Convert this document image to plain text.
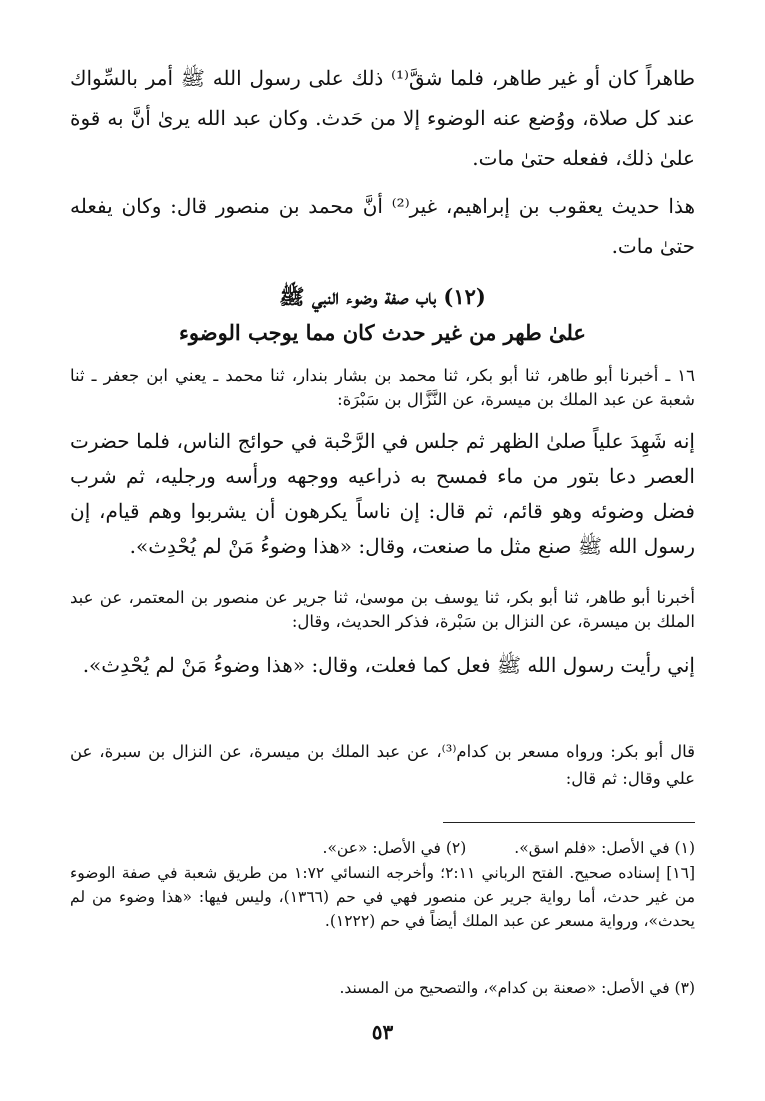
طاهراً كان أو غير طاهر، فلما شقَّ⁽¹⁾ ذلك على رسول الله ﷺ أمر بالسِّواك عند كل صلاة، ووُضع عنه الوضوء إلا من حَدث. وكان عبد الله يرىٰ أنَّ به قوة علىٰ ذلك، ففعله حتىٰ مات.

هذا حديث يعقوب بن إبراهيم، غير⁽²⁾ أنَّ محمد بن منصور قال: وكان يفعله حتىٰ مات.

(١٢) باب صفة وضوء النبي ﷺ
علىٰ طهر من غير حدث كان مما يوجب الوضوء

١٦ ـ أخبرنا أبو طاهر، ثنا أبو بكر، ثنا محمد بن بشار بندار، ثنا محمد ـ يعني ابن جعفر ـ ثنا شعبة عن عبد الملك بن ميسرة، عن النَّزَّال بن سَبْرَة:

إنه شَهِدَ علياً صلىٰ الظهر ثم جلس في الرَّحْبة في حوائج الناس، فلما حضرت العصر دعا بتور من ماء فمسح به ذراعيه ووجهه ورأسه ورجليه، ثم شرب فضل وضوئه وهو قائم، ثم قال: إن ناساً يكرهون أن يشربوا وهم قيام، إن رسول الله ﷺ صنع مثل ما صنعت، وقال: «هذا وضوءُ مَنْ لم يُحْدِث».

أخبرنا أبو طاهر، ثنا أبو بكر، ثنا يوسف بن موسىٰ، ثنا جرير عن منصور بن المعتمر، عن عبد الملك بن ميسرة، عن النزال بن سَبْرة، فذكر الحديث، وقال:

إني رأيت رسول الله ﷺ فعل كما فعلت، وقال: «هذا وضوءُ مَنْ لم يُحْدِث».

قال أبو بكر: ورواه مسعر بن كدام⁽³⁾، عن عبد الملك بن ميسرة، عن النزال بن سبرة، عن علي وقال: ثم قال:

(١) في الأصل: «فلم اسق».(٢) في الأصل: «عن».

[١٦] إسناده صحيح. الفتح الرباني ٢:١١؛ وأخرجه النسائي ١:٧٢ من طريق شعبة في صفة الوضوء من غير حدث، أما رواية جرير عن منصور فهي في حم (١٣٦٦)، وليس فيها: «هذا وضوء من لم يحدث»، ورواية مسعر عن عبد الملك أيضاً في حم (١٢٢٢).

(٣) في الأصل: «صعنة بن كدام»، والتصحيح من المسند.

٥٣
